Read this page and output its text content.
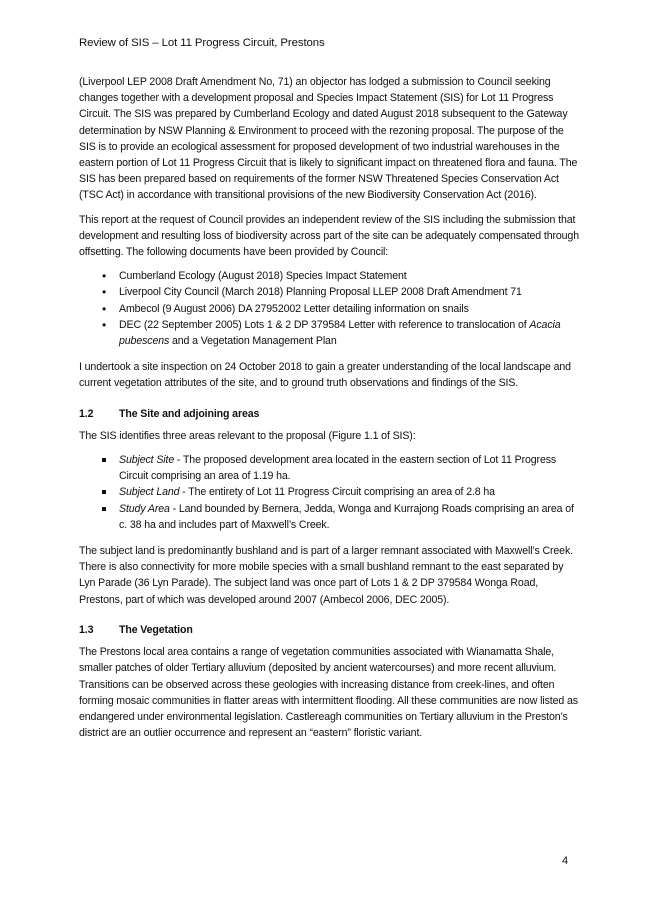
Review of SIS – Lot 11 Progress Circuit, Prestons

(Liverpool LEP 2008 Draft Amendment No, 71) an objector has lodged a submission to Council seeking changes together with a development proposal and Species Impact Statement (SIS) for Lot 11 Progress Circuit. The SIS was prepared by Cumberland Ecology and dated August 2018 subsequent to the Gateway determination by NSW Planning & Environment to proceed with the rezoning proposal. The purpose of the SIS is to provide an ecological assessment for proposed development of two industrial warehouses in the eastern portion of Lot 11 Progress Circuit that is likely to significant impact on threatened flora and fauna. The SIS has been prepared based on requirements of the former NSW Threatened Species Conservation Act (TSC Act) in accordance with transitional provisions of the new Biodiversity Conservation Act (2016).

This report at the request of Council provides an independent review of the SIS including the submission that development and resulting loss of biodiversity across part of the site can be adequately compensated through offsetting. The following documents have been provided by Council:

• Cumberland Ecology (August 2018) Species Impact Statement
• Liverpool City Council (March 2018) Planning Proposal LLEP 2008 Draft Amendment 71
• Ambecol (9 August 2006) DA 27952002 Letter detailing information on snails
• DEC (22 September 2005) Lots 1 & 2 DP 379584 Letter with reference to translocation of Acacia pubescens and a Vegetation Management Plan

I undertook a site inspection on 24 October 2018 to gain a greater understanding of the local landscape and current vegetation attributes of the site, and to ground truth observations and findings of the SIS.

1.2 The Site and adjoining areas

The SIS identifies three areas relevant to the proposal (Figure 1.1 of SIS):

Subject Site - The proposed development area located in the eastern section of Lot 11 Progress Circuit comprising an area of 1.19 ha.
Subject Land - The entirety of Lot 11 Progress Circuit comprising an area of 2.8 ha
Study Area - Land bounded by Bernera, Jedda, Wonga and Kurrajong Roads comprising an area of c. 38 ha and includes part of Maxwell’s Creek.

The subject land is predominantly bushland and is part of a larger remnant associated with Maxwell’s Creek. There is also connectivity for more mobile species with a small bushland remnant to the east separated by Lyn Parade (36 Lyn Parade). The subject land was once part of Lots 1 & 2 DP 379584 Wonga Road, Prestons, part of which was developed around 2007 (Ambecol 2006, DEC 2005).

1.3 The Vegetation

The Prestons local area contains a range of vegetation communities associated with Wianamatta Shale, smaller patches of older Tertiary alluvium (deposited by ancient watercourses) and more recent alluvium. Transitions can be observed across these geologies with increasing distance from creek-lines, and often forming mosaic communities in flatter areas with intermittent flooding. All these communities are now listed as endangered under environmental legislation. Castlereagh communities on Tertiary alluvium in the Preston’s district are an outlier occurrence and represent an “eastern” floristic variant.

4
